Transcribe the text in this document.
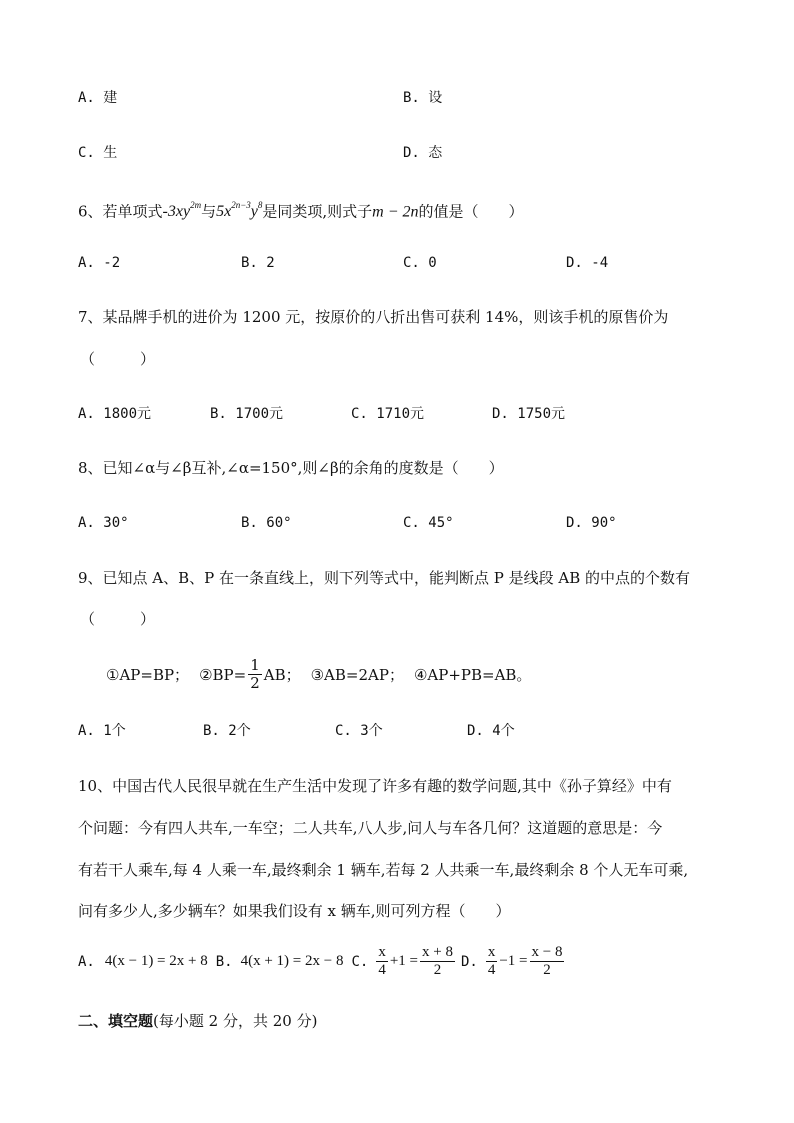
A. 建	B. 设
C. 生	D. 态
6、若单项式$-3xy^{2m}$与$5x^{2n-3}y^8$是同类项,则式子m − 2n的值是（　　）
A. -2	B. 2	C. 0	D. -4
7、某品牌手机的进价为 1200 元，按原价的八折出售可获利 14%，则该手机的原售价为
（　　　）
A. 1800元	B. 1700元	C. 1710元	D. 1750元
8、已知∠α与∠β互补,∠α=150°,则∠β的余角的度数是（　　）
A. 30°	B. 60°	C. 45°	D. 90°
9、已知点 A、B、P 在一条直线上，则下列等式中，能判断点 P 是线段 AB 的中点的个数有
（　　　）
①AP=BP； ②BP= $\frac{1}{2}$ AB； ③AB=2AP； ④AP+PB=AB。
A. 1个	B. 2个	C. 3个	D. 4个
10、中国古代人民很早就在生产生活中发现了许多有趣的数学问题,其中《孙子算经》中有
个问题：今有四人共车,一车空；二人共车,八人步,问人与车各几何？这道题的意思是：今
有若干人乘车,每 4 人乘一车,最终剩余 1 辆车,若每 2 人共乘一车,最终剩余 8 个人无车可乘,
问有多少人,多少辆车？如果我们设有 x 辆车,则可列方程（　　）
A. 4(x − 1) = 2x + 8 B. 4(x + 1) = 2x − 8 C. $\frac{x}{4} +1 = \frac{x + 8}{2} D$. $\frac{x}{4} -1 = \frac{x - 8}{2}$
二、填空题(每小题 2 分，共 20 分)
